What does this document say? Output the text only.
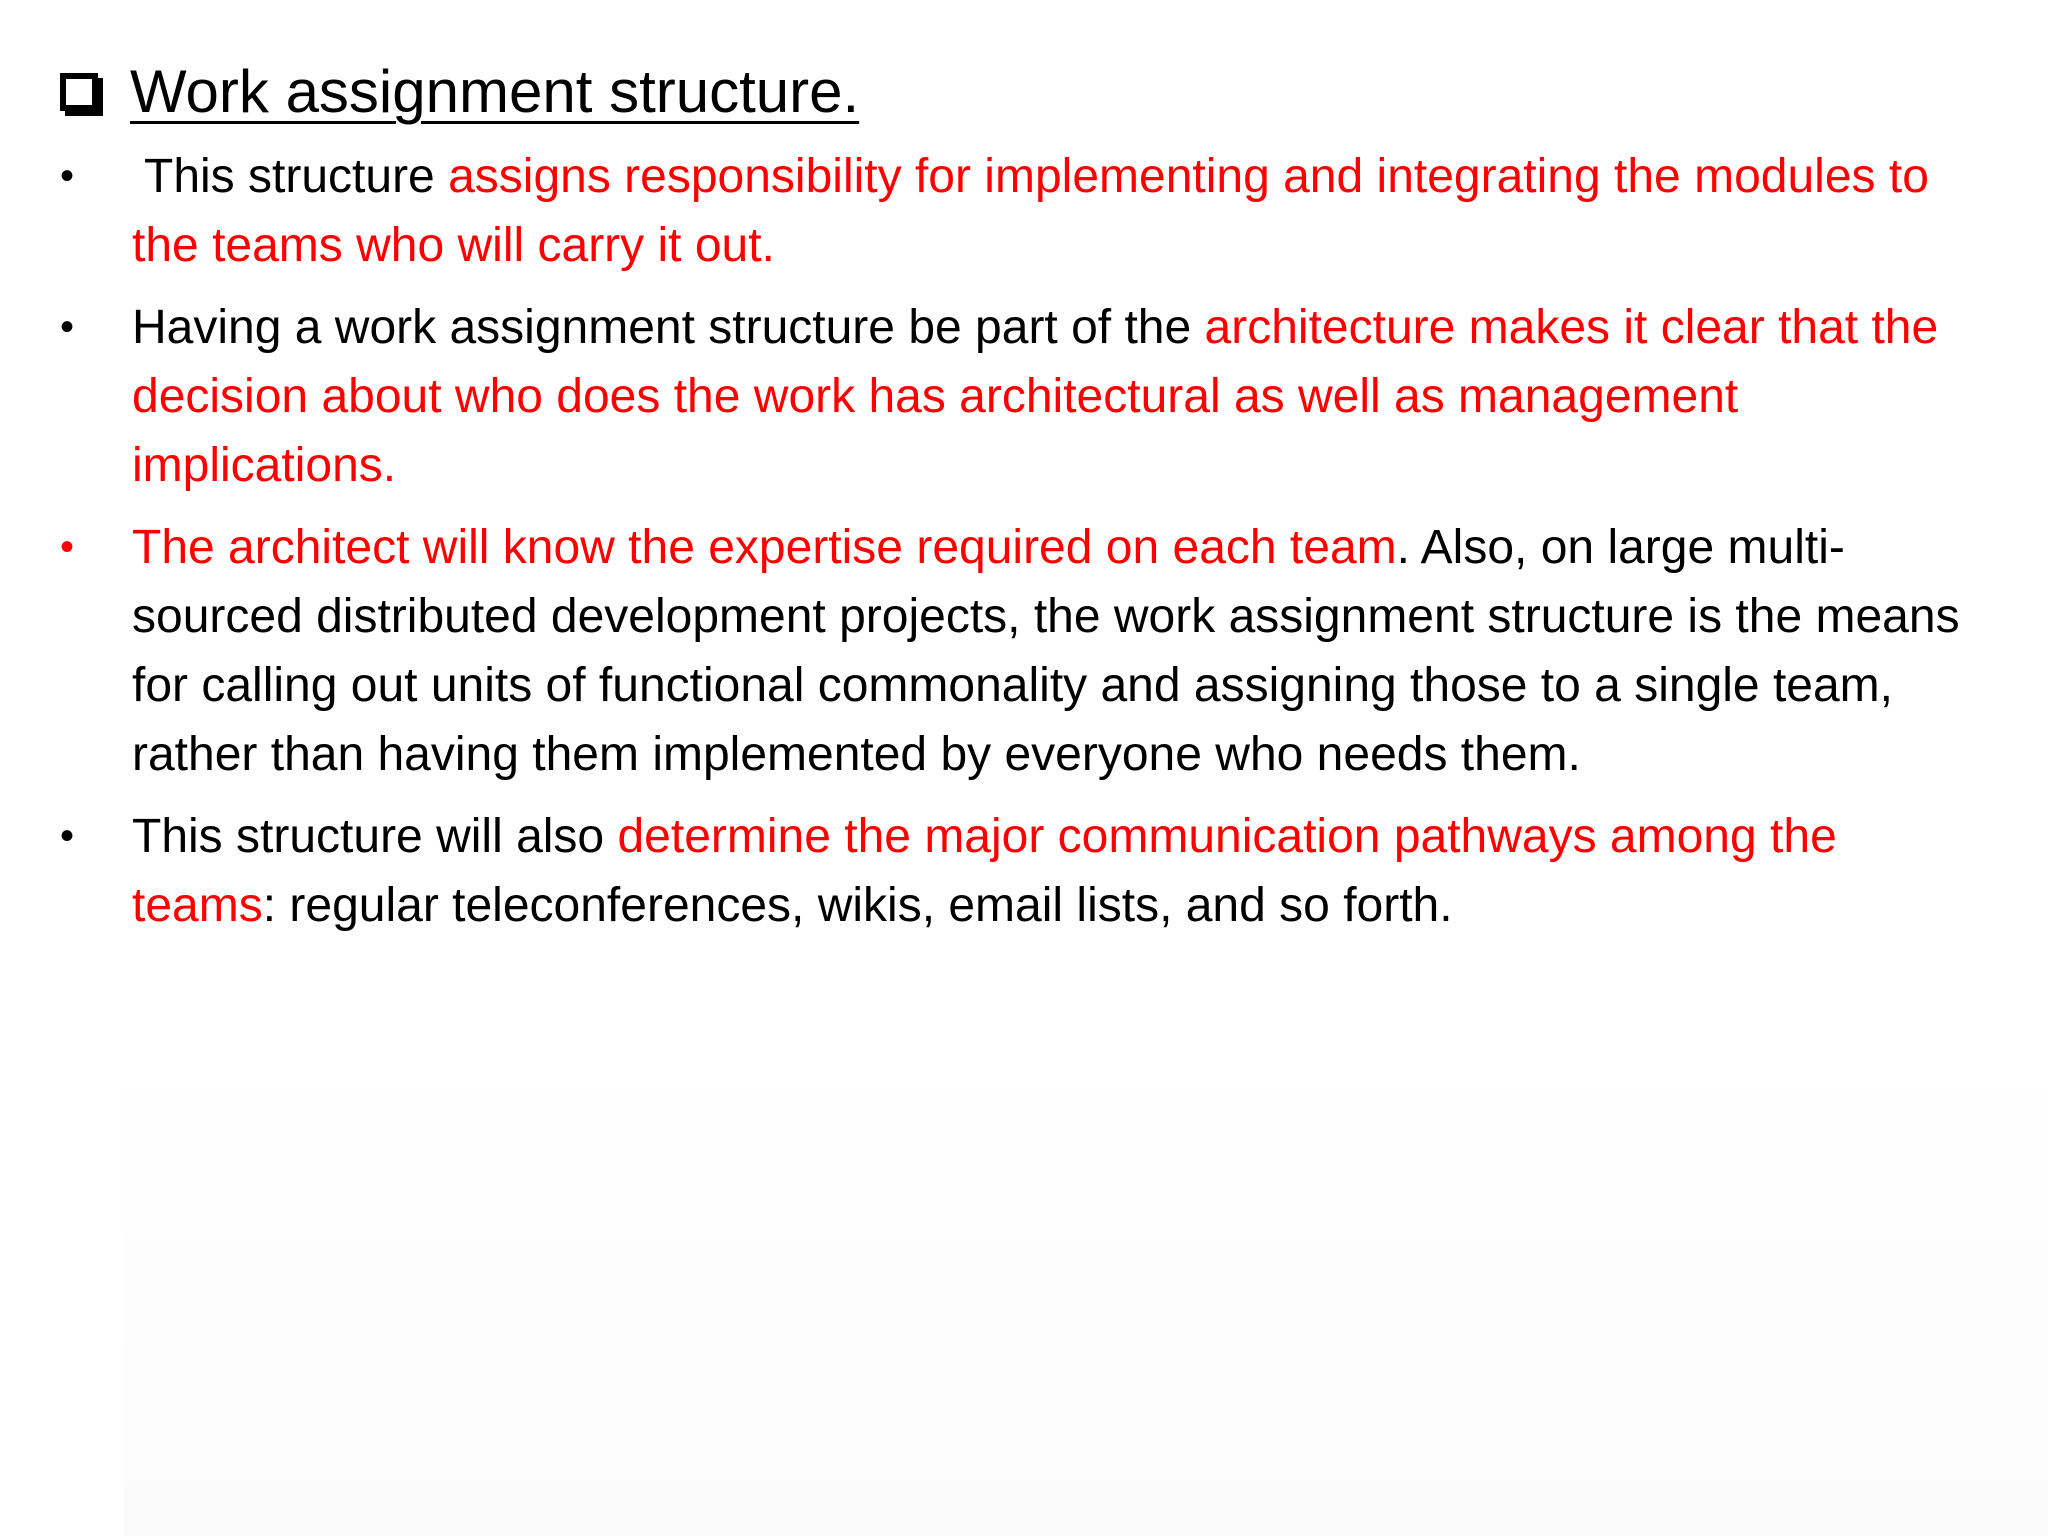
Work assignment structure.
• This structure assigns responsibility for implementing and integrating the modules to the teams who will carry it out.
• Having a work assignment structure be part of the architecture makes it clear that the decision about who does the work has architectural as well as management implications.
• The architect will know the expertise required on each team. Also, on large multi-sourced distributed development projects, the work assignment structure is the means for calling out units of functional commonality and assigning those to a single team, rather than having them implemented by everyone who needs them.
• This structure will also determine the major communication pathways among the teams: regular teleconferences, wikis, email lists, and so forth.
